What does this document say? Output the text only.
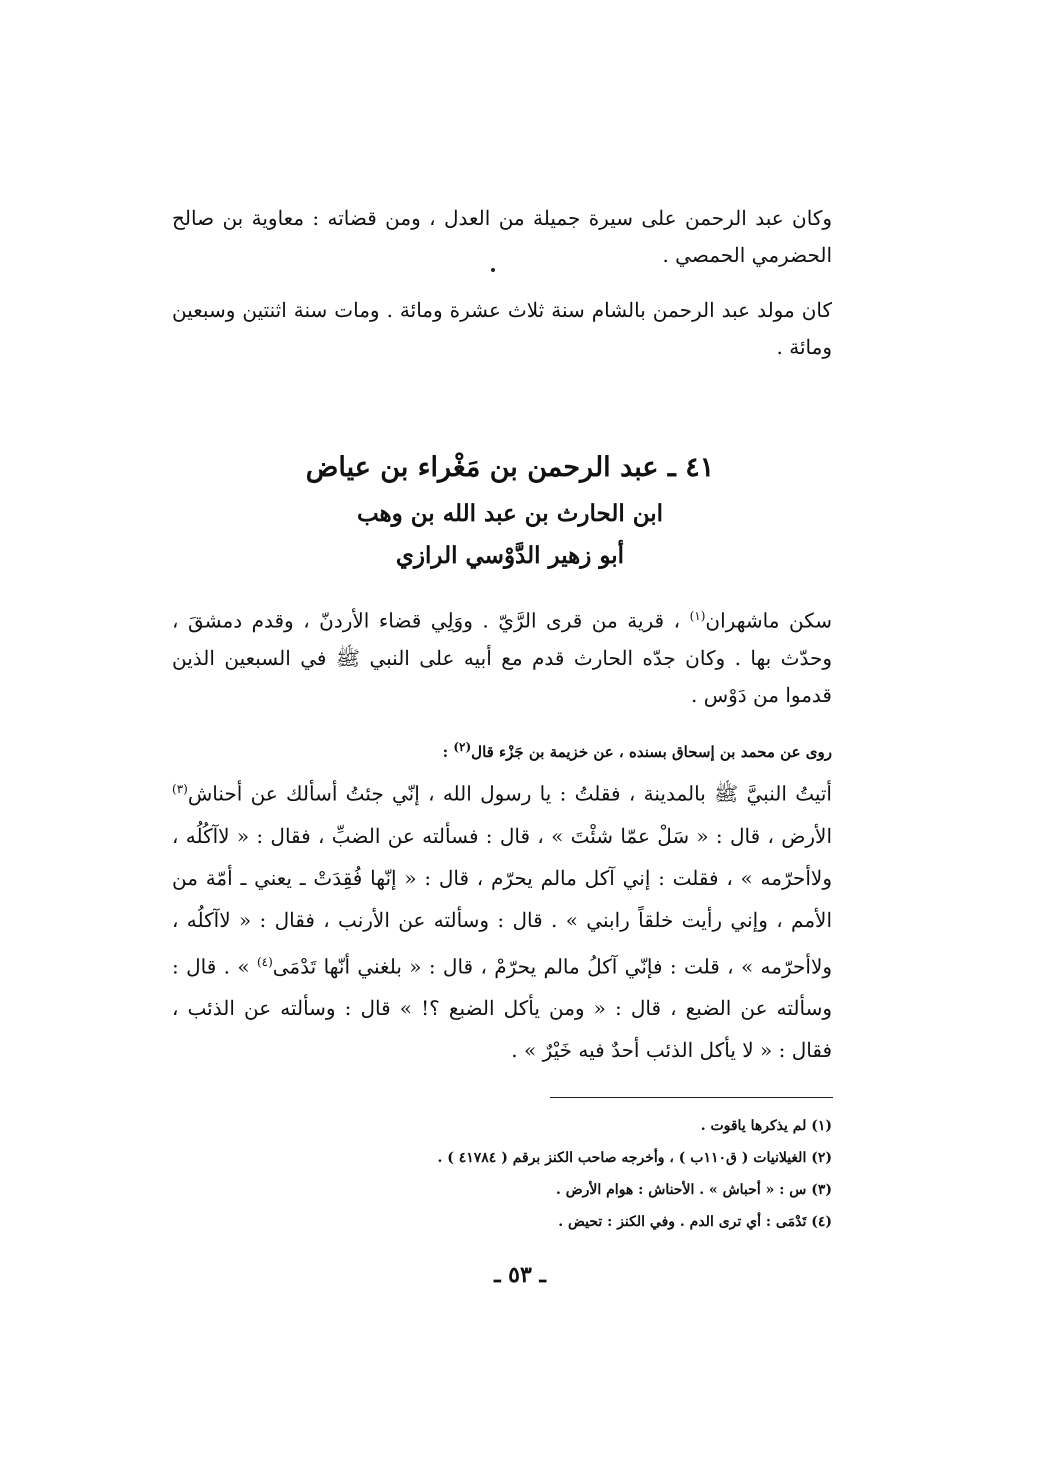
وكان عبد الرحمن على سيرة جميلة من العدل ، ومن قضاته : معاوية بن صالح الحضرمي الحمصي .

كان مولد عبد الرحمن بالشام سنة ثلاث عشرة ومائة . ومات سنة اثنتين وسبعين ومائة .

٤١ ـ عبد الرحمن بن مَغْراء بن عياض
ابن الحارث بن عبد الله بن وهب
أبو زهير الدَّوْسي الرازي

سكن ماشهران$^{(١)}$ ، قرية من قرى الرَّيّ . ووَلِي قضاء الأردنّ ، وقدم دمشقَ ، وحدّث بها . وكان جدّه الحارث قدم مع أبيه على النبي ﷺ في السبعين الذين قدموا من دَوْس .

روى عن محمد بن إسحاق بسنده ، عن خزيمة بن جَزْء قال$^{(٢)}$ :

أتيتُ النبيَّ ﷺ بالمدينة ، فقلتُ : يا رسول الله ، إنّي جئتُ أسألك عن أحناش$^{(٣)}$ الأرض ، قال : « سَلْ عمّا شئْتَ » ، قال : فسألته عن الضبِّ ، فقال : « لاآكُلُه ، ولاأحرّمه » ، فقلت : إني آكل مالم يحرّم ، قال : « إنّها فُقِدَتْ ـ يعني ـ أمّة من الأمم ، وإني رأيت خلقاً رابني » . قال : وسألته عن الأرنب ، فقال : « لاآكلُه ، ولاأحرّمه » ، قلت : فإنّي آكلُ مالم يحرّمْ ، قال : « بلغني أنّها تَدْمَى$^{(٤)}$ » . قال : وسألته عن الضبع ، قال : « ومن يأكل الضبع ؟! » قال : وسألته عن الذئب ، فقال : « لا يأكل الذئب أحدٌ فيه خَيْرٌ » .

(١) لم يذكرها ياقوت .
(٢) الغيلانيات ( ق١١٠ب ) ، وأخرجه صاحب الكنز برقم ( ٤١٧٨٤ ) .
(٣) س : « أحباش » . الأحناش : هوام الأرض .
(٤) تَدْمَى : أي ترى الدم . وفي الكنز : تحيض .
ـ ٥٣ ـ
